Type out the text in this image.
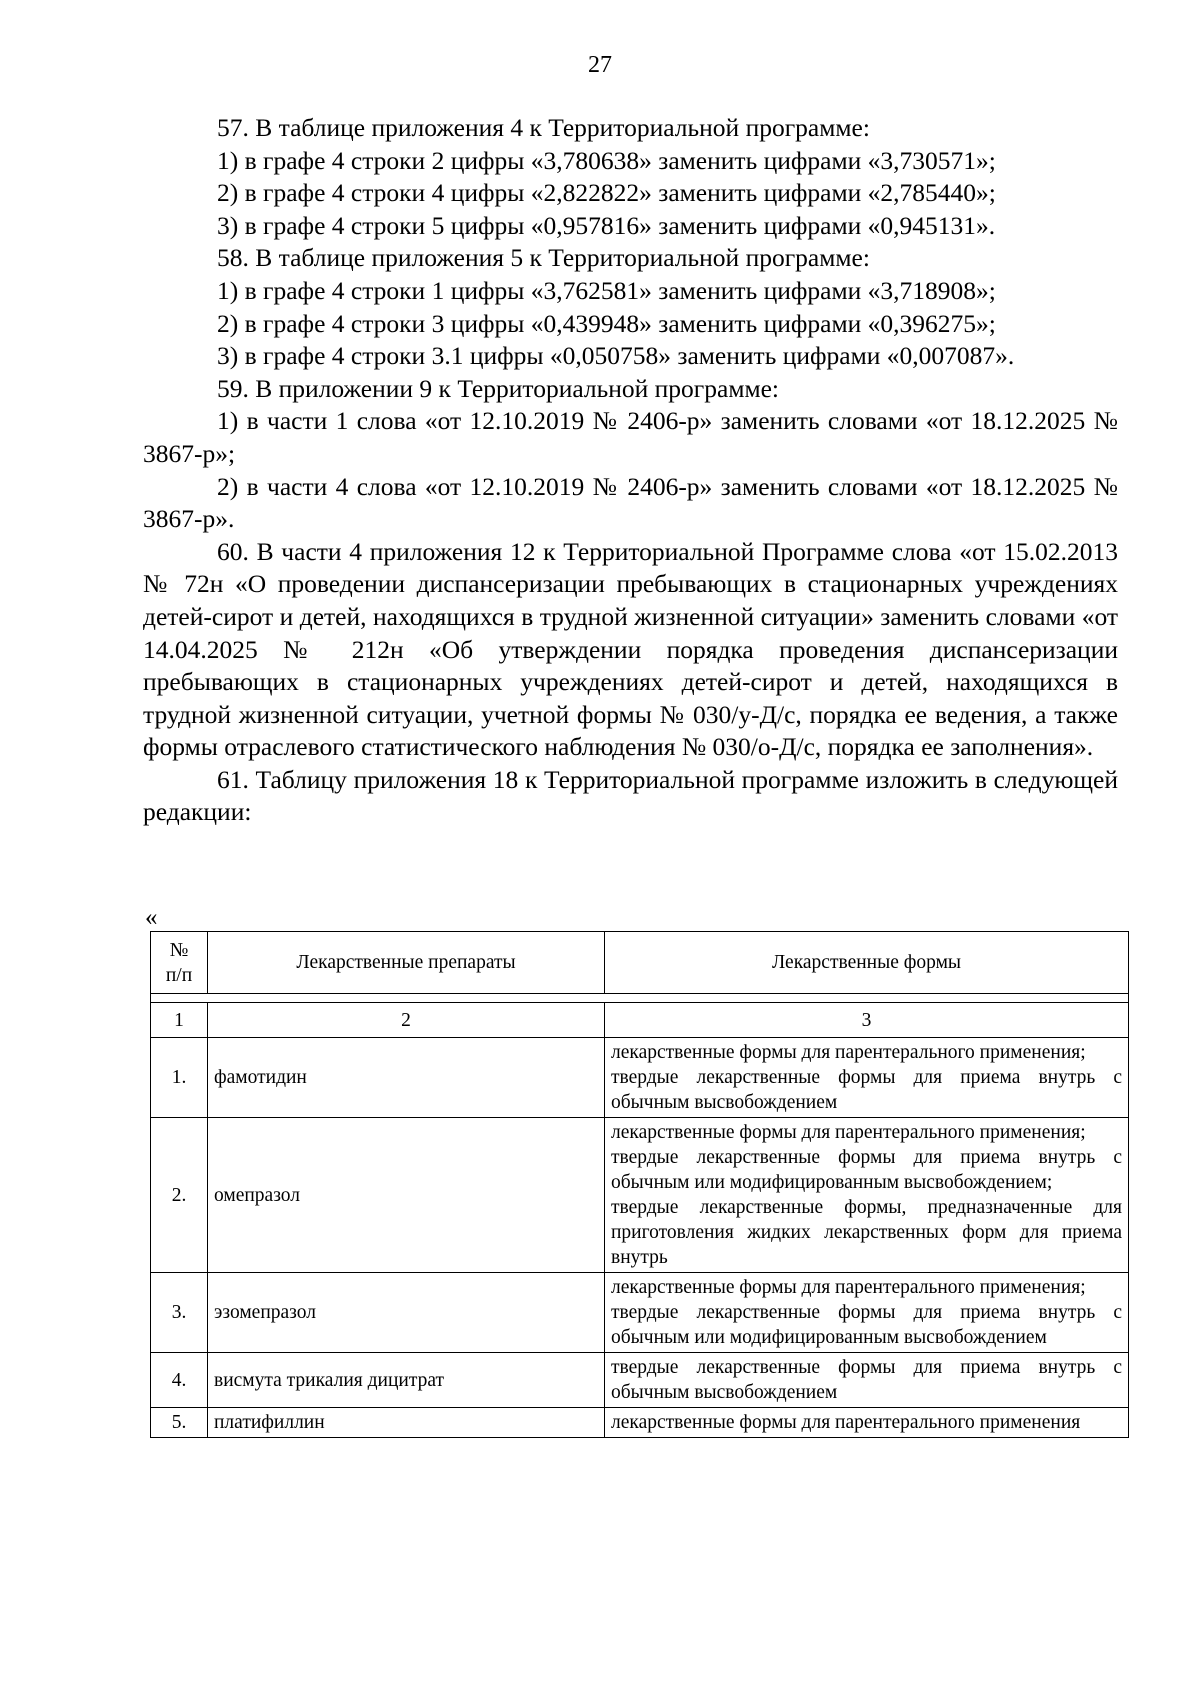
27

57. В таблице приложения 4 к Территориальной программе:

1) в графе 4 строки 2 цифры «3,780638» заменить цифрами «3,730571»;

2) в графе 4 строки 4 цифры «2,822822» заменить цифрами «2,785440»;

3) в графе 4 строки 5 цифры «0,957816» заменить цифрами «0,945131».

58. В таблице приложения 5 к Территориальной программе:

1) в графе 4 строки 1 цифры «3,762581» заменить цифрами «3,718908»;

2) в графе 4 строки 3 цифры «0,439948» заменить цифрами «0,396275»;

3) в графе 4 строки 3.1 цифры «0,050758» заменить цифрами «0,007087».

59. В приложении 9 к Территориальной программе:

1) в части 1 слова «от 12.10.2019 № 2406-р» заменить словами «от 18.12.2025 № 3867-р»;

2) в части 4 слова «от 12.10.2019 № 2406-р» заменить словами «от 18.12.2025 № 3867-р».

60. В части 4 приложения 12 к Территориальной Программе слова «от 15.02.2013 № 72н «О проведении диспансеризации пребывающих в стационарных учреждениях детей-сирот и детей, находящихся в трудной жизненной ситуации» заменить словами «от 14.04.2025 № 212н «Об утверждении порядка проведения диспансеризации пребывающих в стационарных учреждениях детей-сирот и детей, находящихся в трудной жизненной ситуации, учетной формы № 030/у-Д/с, порядка ее ведения, а также формы отраслевого статистического наблюдения № 030/о-Д/с, порядка ее заполнения».

61. Таблицу приложения 18 к Территориальной программе изложить в следующей редакции:

«
№
п/п	Лекарственные препараты	Лекарственные формы

1	2	3
1.	фамотидин	лекарственные формы для парентерального применения;
твердые лекарственные формы для приема внутрь с обычным высвобождением

2.	омепразол	лекарственные формы для парентерального применения;
твердые лекарственные формы для приема внутрь с обычным или модифицированным высвобождением;
твердые лекарственные формы, предназначенные для приготовления жидких лекарственных форм для приема внутрь

3.	эзомепразол	лекарственные формы для парентерального применения;
твердые лекарственные формы для приема внутрь с обычным или модифицированным высвобождением

4.	висмута трикалия дицитрат	твердые лекарственные формы для приема внутрь с обычным высвобождением

5.	платифиллин	лекарственные формы для парентерального применения
